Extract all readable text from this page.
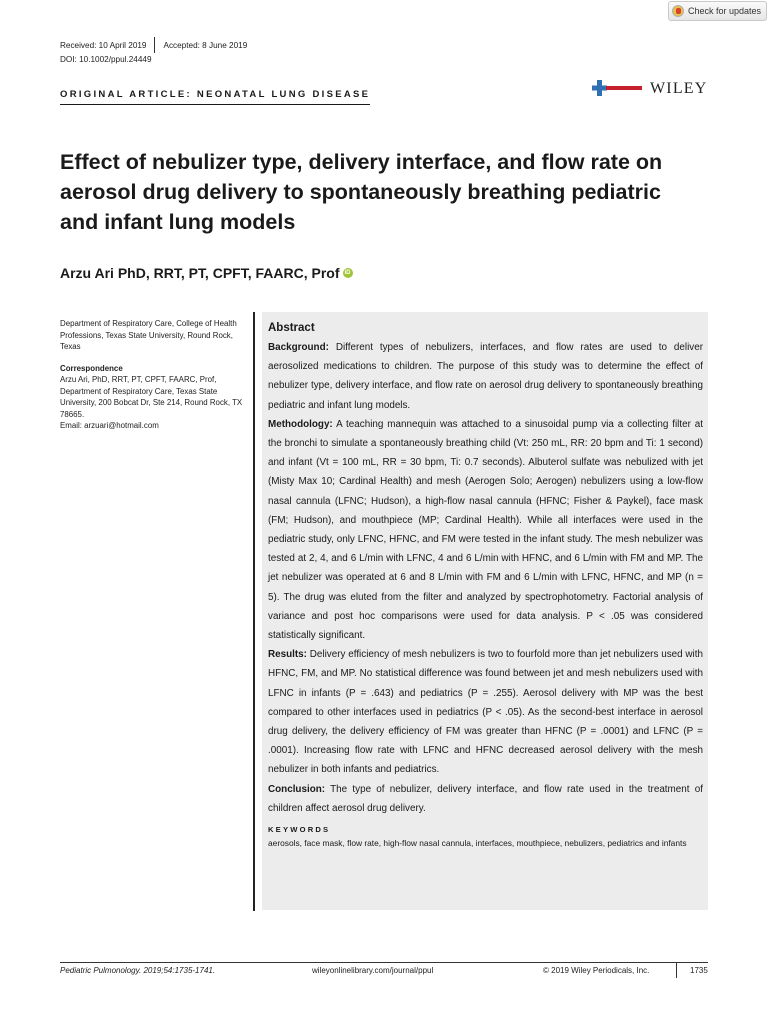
Check for updates
Received: 10 April 2019 Accepted: 8 June 2019
DOI: 10.1002/ppul.24449
ORIGINAL ARTICLE: NEONATAL LUNG DISEASE	WILEY
Effect of nebulizer type, delivery interface, and flow rate on aerosol drug delivery to spontaneously breathing pediatric and infant lung models
Arzu Ari PhD, RRT, PT, CPFT, FAARC, Prof iD

Department of Respiratory Care, College of Health Professions, Texas State University, Round Rock, Texas

Correspondence

Arzu Ari, PhD, RRT, PT, CPFT, FAARC, Prof, Department of Respiratory Care, Texas State University, 200 Bobcat Dr, Ste 214, Round Rock, TX 78665.

Email: arzuari@hotmail.com

Abstract

Background: Different types of nebulizers, interfaces, and flow rates are used to deliver aerosolized medications to children. The purpose of this study was to determine the effect of nebulizer type, delivery interface, and flow rate on aerosol drug delivery to spontaneously breathing pediatric and infant lung models.

Methodology: A teaching mannequin was attached to a sinusoidal pump via a collecting filter at the bronchi to simulate a spontaneously breathing child (Vt: 250 mL, RR: 20 bpm and Ti: 1 second) and infant (Vt = 100 mL, RR = 30 bpm, Ti: 0.7 seconds). Albuterol sulfate was nebulized with jet (Misty Max 10; Cardinal Health) and mesh (Aerogen Solo; Aerogen) nebulizers using a low-flow nasal cannula (LFNC; Hudson), a high-flow nasal cannula (HFNC; Fisher & Paykel), face mask (FM; Hudson), and mouthpiece (MP; Cardinal Health). While all interfaces were used in the pediatric study, only LFNC, HFNC, and FM were tested in the infant study. The mesh nebulizer was tested at 2, 4, and 6 L/min with LFNC, 4 and 6 L/min with HFNC, and 6 L/min with FM and MP. The jet nebulizer was operated at 6 and 8 L/min with FM and 6 L/min with LFNC, HFNC, and MP (n = 5). The drug was eluted from the filter and analyzed by spectrophotometry. Factorial analysis of variance and post hoc comparisons were used for data analysis. P < .05 was considered statistically significant.

Results: Delivery efficiency of mesh nebulizers is two to fourfold more than jet nebulizers used with HFNC, FM, and MP. No statistical difference was found between jet and mesh nebulizers used with LFNC in infants (P = .643) and pediatrics (P = .255). Aerosol delivery with MP was the best compared to other interfaces used in pediatrics (P < .05). As the second-best interface in aerosol drug delivery, the delivery efficiency of FM was greater than HFNC (P = .0001) and LFNC (P = .0001). Increasing flow rate with LFNC and HFNC decreased aerosol delivery with the mesh nebulizer in both infants and pediatrics.

Conclusion: The type of nebulizer, delivery interface, and flow rate used in the treatment of children affect aerosol drug delivery.

KEYWORDS
aerosols, face mask, flow rate, high-flow nasal cannula, interfaces, mouthpiece, nebulizers, pediatrics and infants
Pediatric Pulmonology. 2019;54:1735-1741.	wileyonlinelibrary.com/journal/ppul	© 2019 Wiley Periodicals, Inc.	1735
